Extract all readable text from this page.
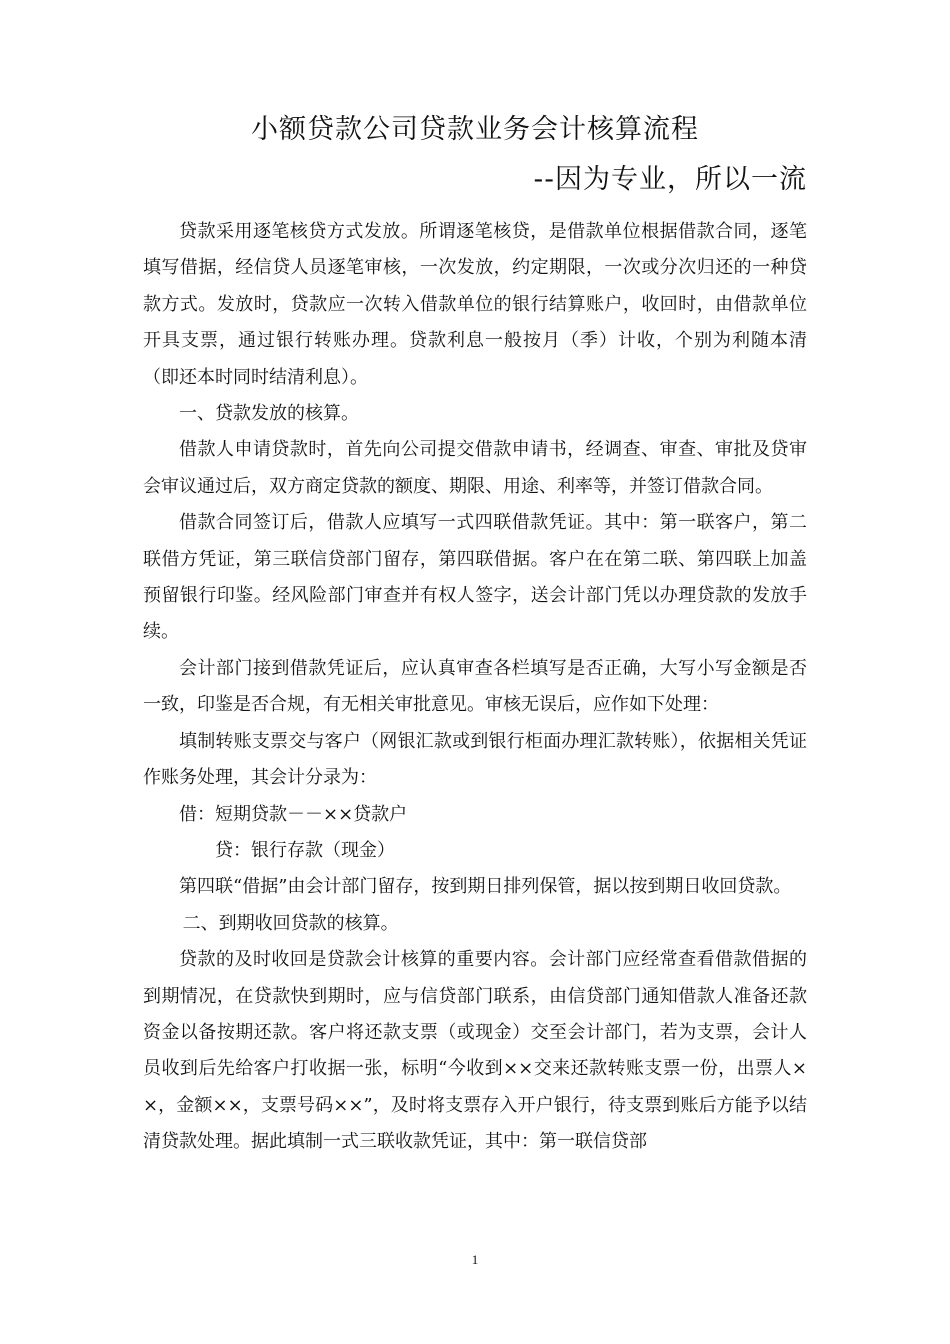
小额贷款公司贷款业务会计核算流程
--因为专业，所以一流

贷款采用逐笔核贷方式发放。所谓逐笔核贷，是借款单位根据借款合同，逐笔填写借据，经信贷人员逐笔审核，一次发放，约定期限，一次或分次归还的一种贷款方式。发放时，贷款应一次转入借款单位的银行结算账户，收回时，由借款单位开具支票，通过银行转账办理。贷款利息一般按月（季）计收，个别为利随本清（即还本时同时结清利息）。

一、贷款发放的核算。

借款人申请贷款时，首先向公司提交借款申请书，经调查、审查、审批及贷审会审议通过后，双方商定贷款的额度、期限、用途、利率等，并签订借款合同。

借款合同签订后，借款人应填写一式四联借款凭证。其中：第一联客户，第二联借方凭证，第三联信贷部门留存，第四联借据。客户在在第二联、第四联上加盖预留银行印鉴。经风险部门审查并有权人签字，送会计部门凭以办理贷款的发放手续。

会计部门接到借款凭证后，应认真审查各栏填写是否正确，大写小写金额是否一致，印鉴是否合规，有无相关审批意见。审核无误后，应作如下处理：

填制转账支票交与客户（网银汇款或到银行柜面办理汇款转账），依据相关凭证作账务处理，其会计分录为：

借：短期贷款－－××贷款户

贷：银行存款（现金）

第四联“借据”由会计部门留存，按到期日排列保管，据以按到期日收回贷款。

二、到期收回贷款的核算。

贷款的及时收回是贷款会计核算的重要内容。会计部门应经常查看借款借据的到期情况，在贷款快到期时，应与信贷部门联系，由信贷部门通知借款人准备还款资金以备按期还款。客户将还款支票（或现金）交至会计部门，若为支票，会计人员收到后先给客户打收据一张，标明“今收到××交来还款转账支票一份，出票人××，金额××，支票号码××”，及时将支票存入开户银行，待支票到账后方能予以结清贷款处理。据此填制一式三联收款凭证，其中：第一联信贷部

1
